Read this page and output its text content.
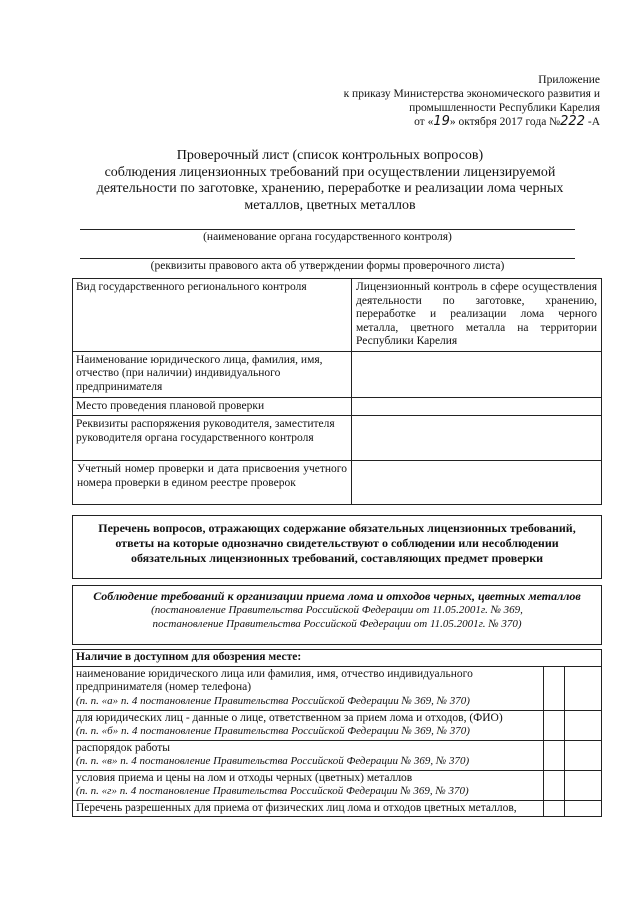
Приложение
к приказу Министерства экономического развития и
промышленности Республики Карелия
от «19» октября 2017 года №222 -А
Проверочный лист (список контрольных вопросов)
соблюдения лицензионных требований при осуществлении лицензируемой
деятельности по заготовке, хранению, переработке и реализации лома черных
металлов, цветных металлов
(наименование органа государственного контроля)
(реквизиты правового акта об утверждении формы проверочного листа)
Вид государственного регионального контроля	Лицензионный контроль в сфере осуществления деятельности по заготовке, хранению, переработке и реализации лома черного металла, цветного металла на территории Республики Карелия
Наименование юридического лица, фамилия, имя, отчество (при наличии) индивидуального предпринимателя	
Место проведения плановой проверки	
Реквизиты распоряжения руководителя, заместителя руководителя органа государственного контроля	
Учетный номер проверки и дата присвоения учетного номера проверки в едином реестре проверок	
Перечень вопросов, отражающих содержание обязательных лицензионных требований, ответы на которые однозначно свидетельствуют о соблюдении или несоблюдении обязательных лицензионных требований, составляющих предмет проверки
Соблюдение требований к организации приема лома и отходов черных, цветных металлов
(постановление Правительства Российской Федерации от 11.05.2001г. № 369,
постановление Правительства Российской Федерации от 11.05.2001г. № 370)
Наличие в доступном для обозрения месте:		

наименование юридического лица или фамилия, имя, отчество индивидуального предпринимателя (номер телефона)
(п. п. «а» п. 4 постановление Правительства Российской Федерации № 369, № 370)		

для юридических лиц - данные о лице, ответственном за прием лома и отходов, (ФИО)
(п. п. «б» п. 4 постановление Правительства Российской Федерации № 369, № 370)		

распорядок работы
(п. п. «в» п. 4 постановление Правительства Российской Федерации № 369, № 370)		

условия приема и цены на лом и отходы черных (цветных) металлов
(п. п. «г» п. 4 постановление Правительства Российской Федерации № 369, № 370)		

Перечень разрешенных для приема от физических лиц лома и отходов цветных металлов,		
